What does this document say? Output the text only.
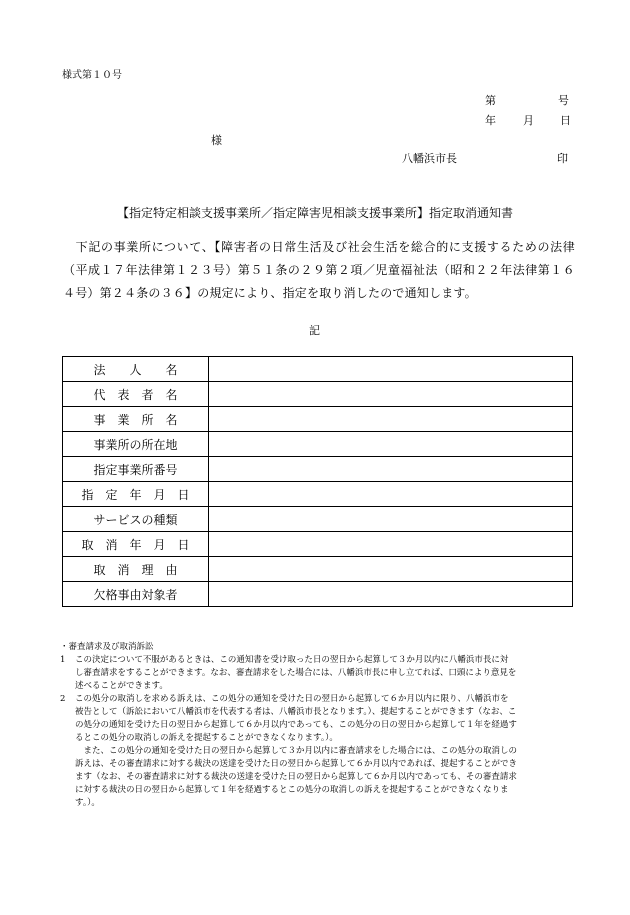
様式第１０号
第	号
年 月 日
様
八幡浜市長	印
【指定特定相談支援事業所／指定障害児相談支援事業所】指定取消通知書
　下記の事業所について、【障害者の日常生活及び社会生活を総合的に支援するための法律
（平成１７年法律第１２３号）第５１条の２９第２項／児童福祉法（昭和２２年法律第１６
４号）第２４条の３６】の規定により、指定を取り消したので通知します。
記
法　　人　　名	
代　表　者　名	
事　業　所　名	
事業所の所在地	
指定事業所番号	
指　定　年　月　日	
サービスの種類	
取　消　年　月　日	
取　消　理　由	
欠格事由対象者	
・審査請求及び取消訴訟
1	この決定について不服があるときは、この通知書を受け取った日の翌日から起算して３か月以内に八幡浜市長に対
し審査請求をすることができます。なお、審査請求をした場合には、八幡浜市長に申し立てれば、口頭により意見を
述べることができます。
2	この処分の取消しを求める訴えは、この処分の通知を受けた日の翌日から起算して６か月以内に限り、八幡浜市を
被告として（訴訟において八幡浜市を代表する者は、八幡浜市長となります。）、提起することができます（なお、こ
の処分の通知を受けた日の翌日から起算して６か月以内であっても、この処分の日の翌日から起算して１年を経過す
るとこの処分の取消しの訴えを提起することができなくなります。）。
　また、この処分の通知を受けた日の翌日から起算して３か月以内に審査請求をした場合には、この処分の取消しの
訴えは、その審査請求に対する裁決の送達を受けた日の翌日から起算して６か月以内であれば、提起することができ
ます（なお、その審査請求に対する裁決の送達を受けた日の翌日から起算して６か月以内であっても、その審査請求
に対する裁決の日の翌日から起算して１年を経過するとこの処分の取消しの訴えを提起することができなくなりま
す。）。
